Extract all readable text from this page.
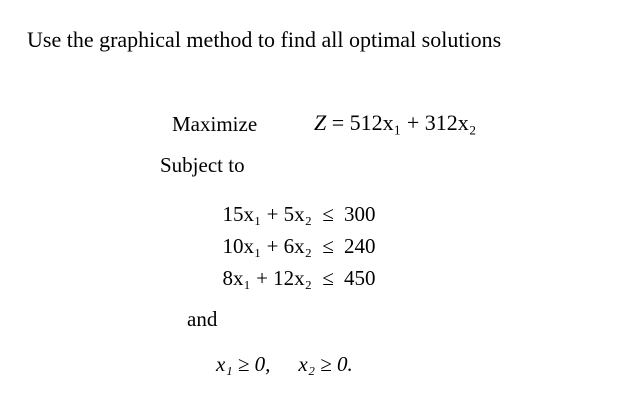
Use the graphical method to find all optimal solutions
Maximize	Z = 512x₁ + 312x₂
Subject to
15x₁ + 5x₂ ≤ 300
10x₁ + 6x₂ ≤ 240
8x₁ + 12x₂ ≤ 450
and
x₁ ≥ 0, x₂ ≥ 0.
